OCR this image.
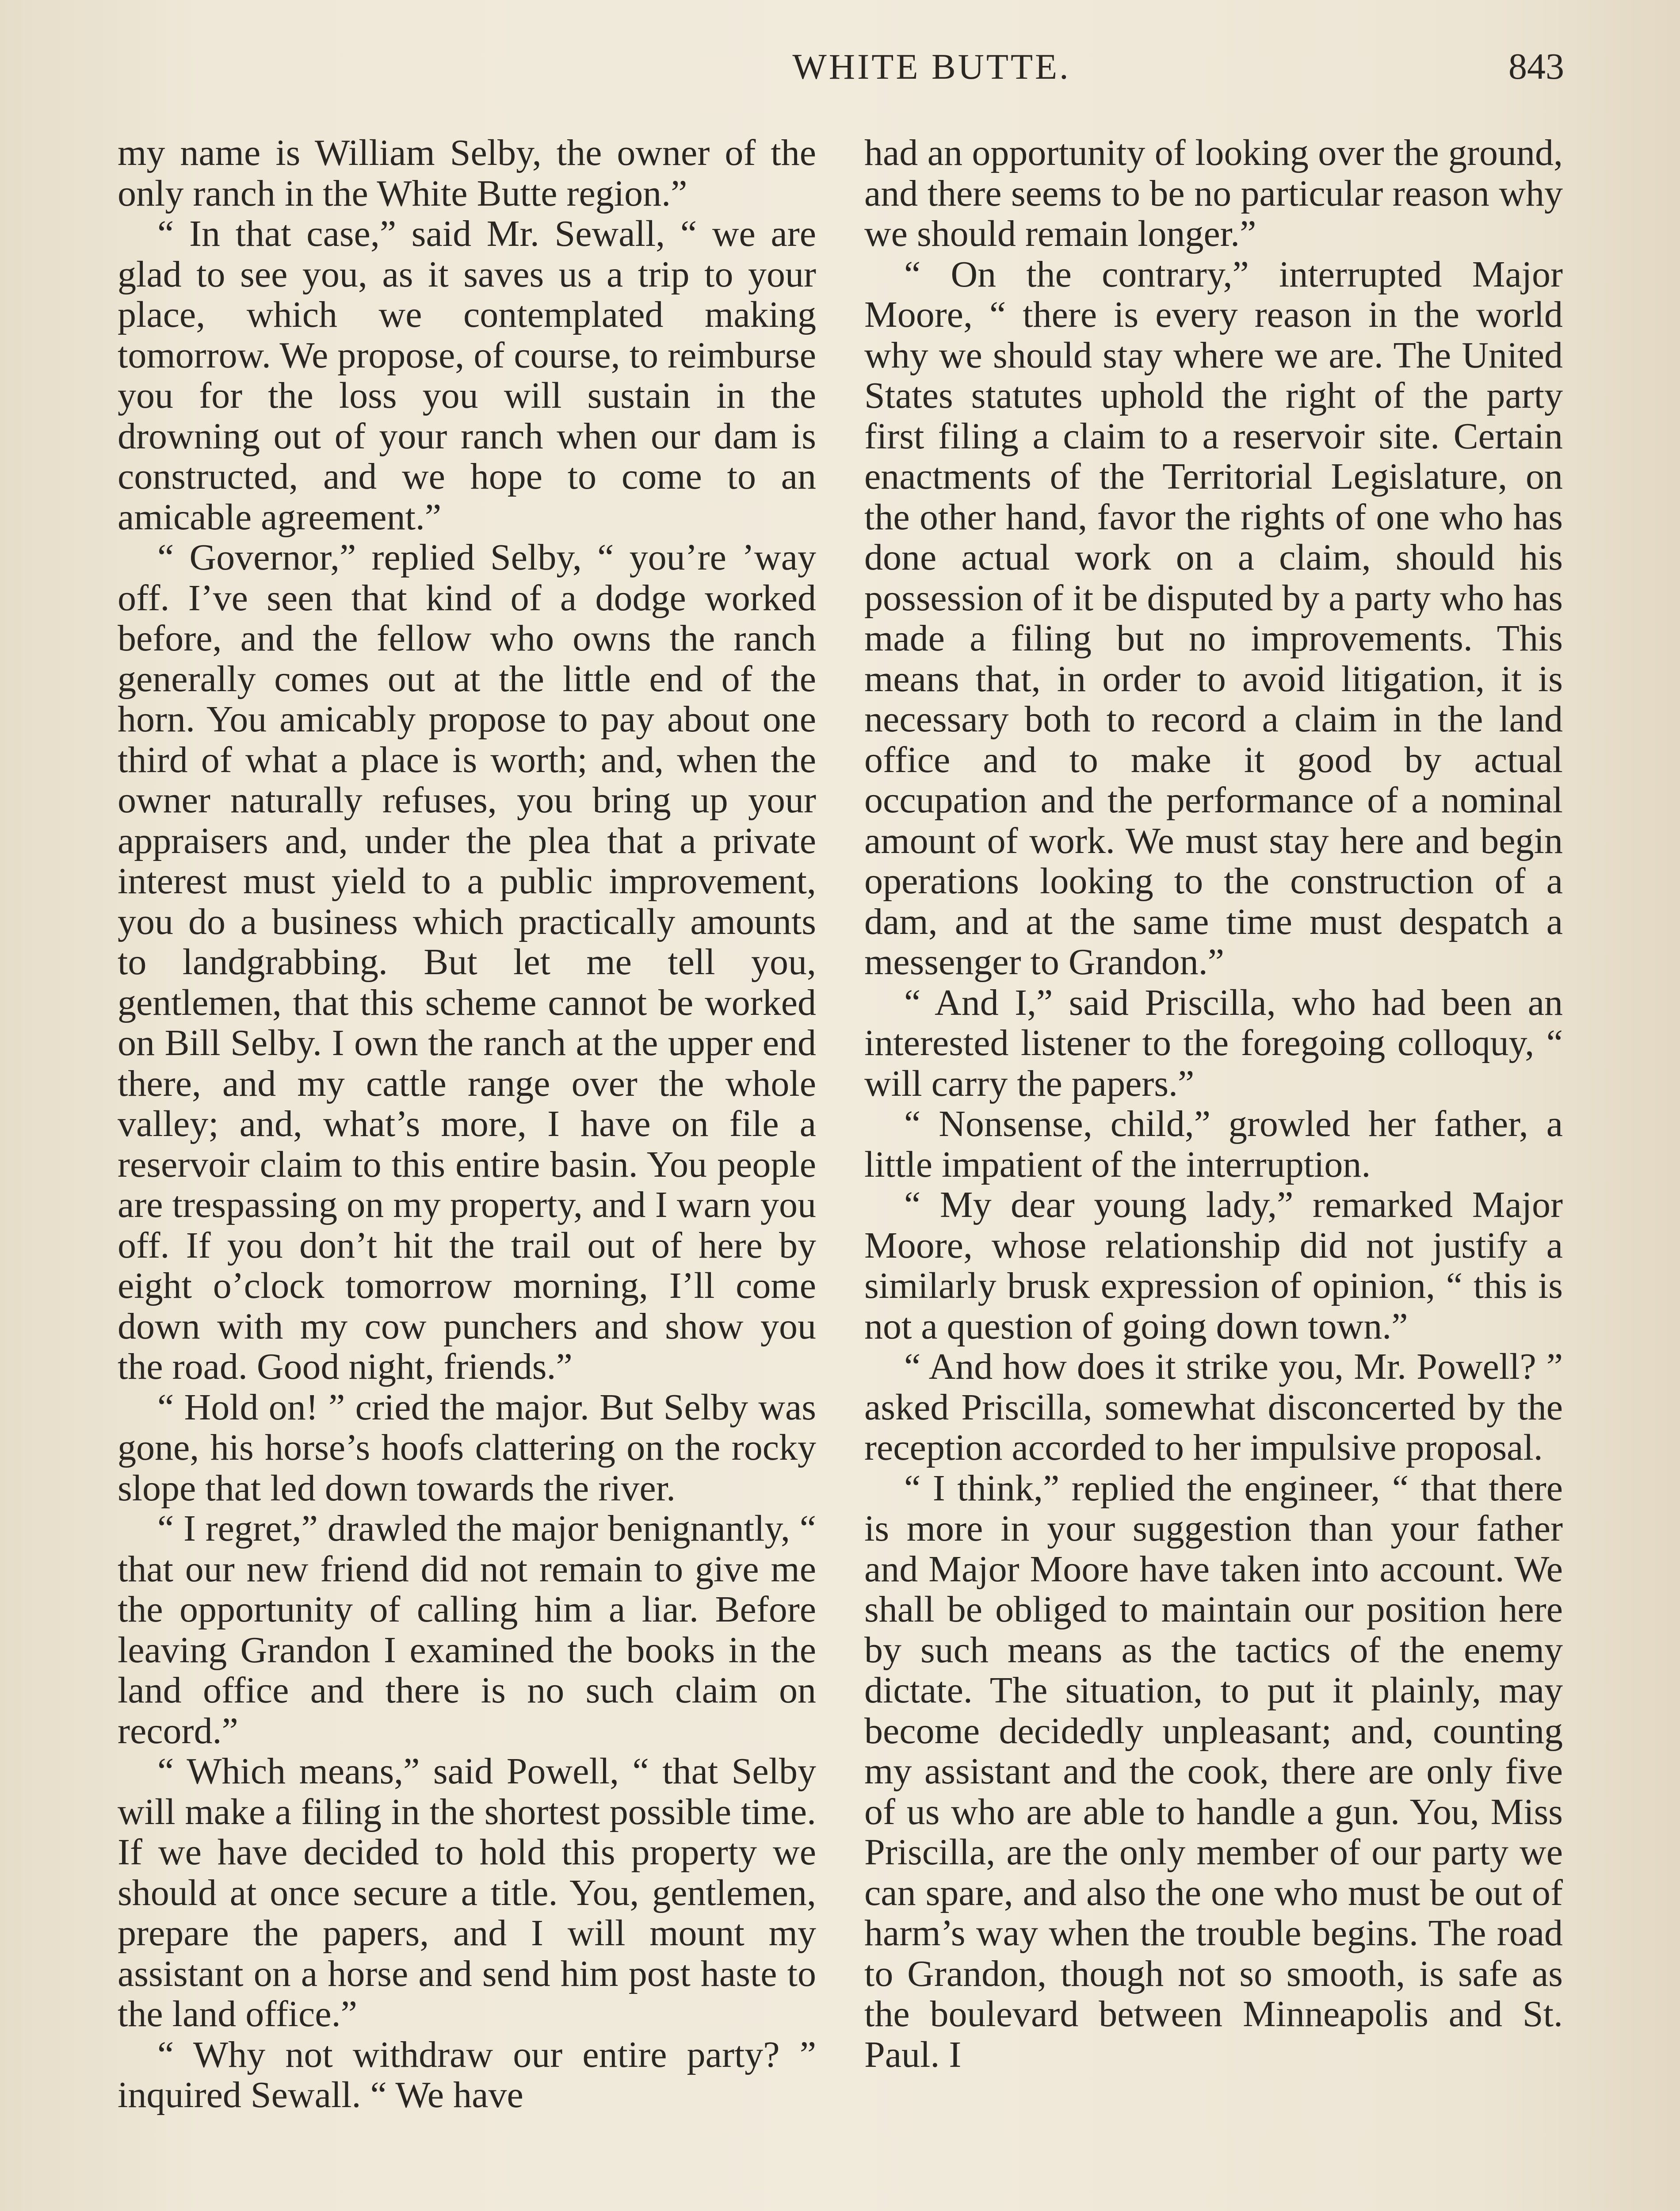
WHITE BUTTE.	843

my name is William Selby, the owner of the only ranch in the White Butte region.”

“ In that case,” said Mr. Sewall, “ we are glad to see you, as it saves us a trip to your place, which we contemplated making tomorrow. We propose, of course, to reimburse you for the loss you will sustain in the drowning out of your ranch when our dam is constructed, and we hope to come to an amicable agreement.”

“ Governor,” replied Selby, “ you’re ’way off. I’ve seen that kind of a dodge worked before, and the fellow who owns the ranch generally comes out at the little end of the horn. You amicably propose to pay about one third of what a place is worth; and, when the owner naturally refuses, you bring up your appraisers and, under the plea that a private interest must yield to a public improvement, you do a business which practically amounts to landgrabbing. But let me tell you, gentlemen, that this scheme cannot be worked on Bill Selby. I own the ranch at the upper end there, and my cattle range over the whole valley; and, what’s more, I have on file a reservoir claim to this entire basin. You people are trespassing on my property, and I warn you off. If you don’t hit the trail out of here by eight o’clock tomorrow morning, I’ll come down with my cow punchers and show you the road. Good night, friends.”

“ Hold on! ” cried the major. But Selby was gone, his horse’s hoofs clattering on the rocky slope that led down towards the river.

“ I regret,” drawled the major benignantly, “ that our new friend did not remain to give me the opportunity of calling him a liar. Before leaving Grandon I examined the books in the land office and there is no such claim on record.”

“ Which means,” said Powell, “ that Selby will make a filing in the shortest possible time. If we have decided to hold this property we should at once secure a title. You, gentlemen, prepare the papers, and I will mount my assistant on a horse and send him post haste to the land office.”

“ Why not withdraw our entire party? ” inquired Sewall. “ We have

had an opportunity of looking over the ground, and there seems to be no particular reason why we should remain longer.”

“ On the contrary,” interrupted Major Moore, “ there is every reason in the world why we should stay where we are. The United States statutes uphold the right of the party first filing a claim to a reservoir site. Certain enactments of the Territorial Legislature, on the other hand, favor the rights of one who has done actual work on a claim, should his possession of it be disputed by a party who has made a filing but no improvements. This means that, in order to avoid litigation, it is necessary both to record a claim in the land office and to make it good by actual occupation and the performance of a nominal amount of work. We must stay here and begin operations looking to the construction of a dam, and at the same time must despatch a messenger to Grandon.”

“ And I,” said Priscilla, who had been an interested listener to the foregoing colloquy, “ will carry the papers.”

“ Nonsense, child,” growled her father, a little impatient of the interruption.

“ My dear young lady,” remarked Major Moore, whose relationship did not justify a similarly brusk expression of opinion, “ this is not a question of going down town.”

“ And how does it strike you, Mr. Powell? ” asked Priscilla, somewhat disconcerted by the reception accorded to her impulsive proposal.

“ I think,” replied the engineer, “ that there is more in your suggestion than your father and Major Moore have taken into account. We shall be obliged to maintain our position here by such means as the tactics of the enemy dictate. The situation, to put it plainly, may become decidedly unpleasant; and, counting my assistant and the cook, there are only five of us who are able to handle a gun. You, Miss Priscilla, are the only member of our party we can spare, and also the one who must be out of harm’s way when the trouble begins. The road to Grandon, though not so smooth, is safe as the boulevard between Minneapolis and St. Paul. I
